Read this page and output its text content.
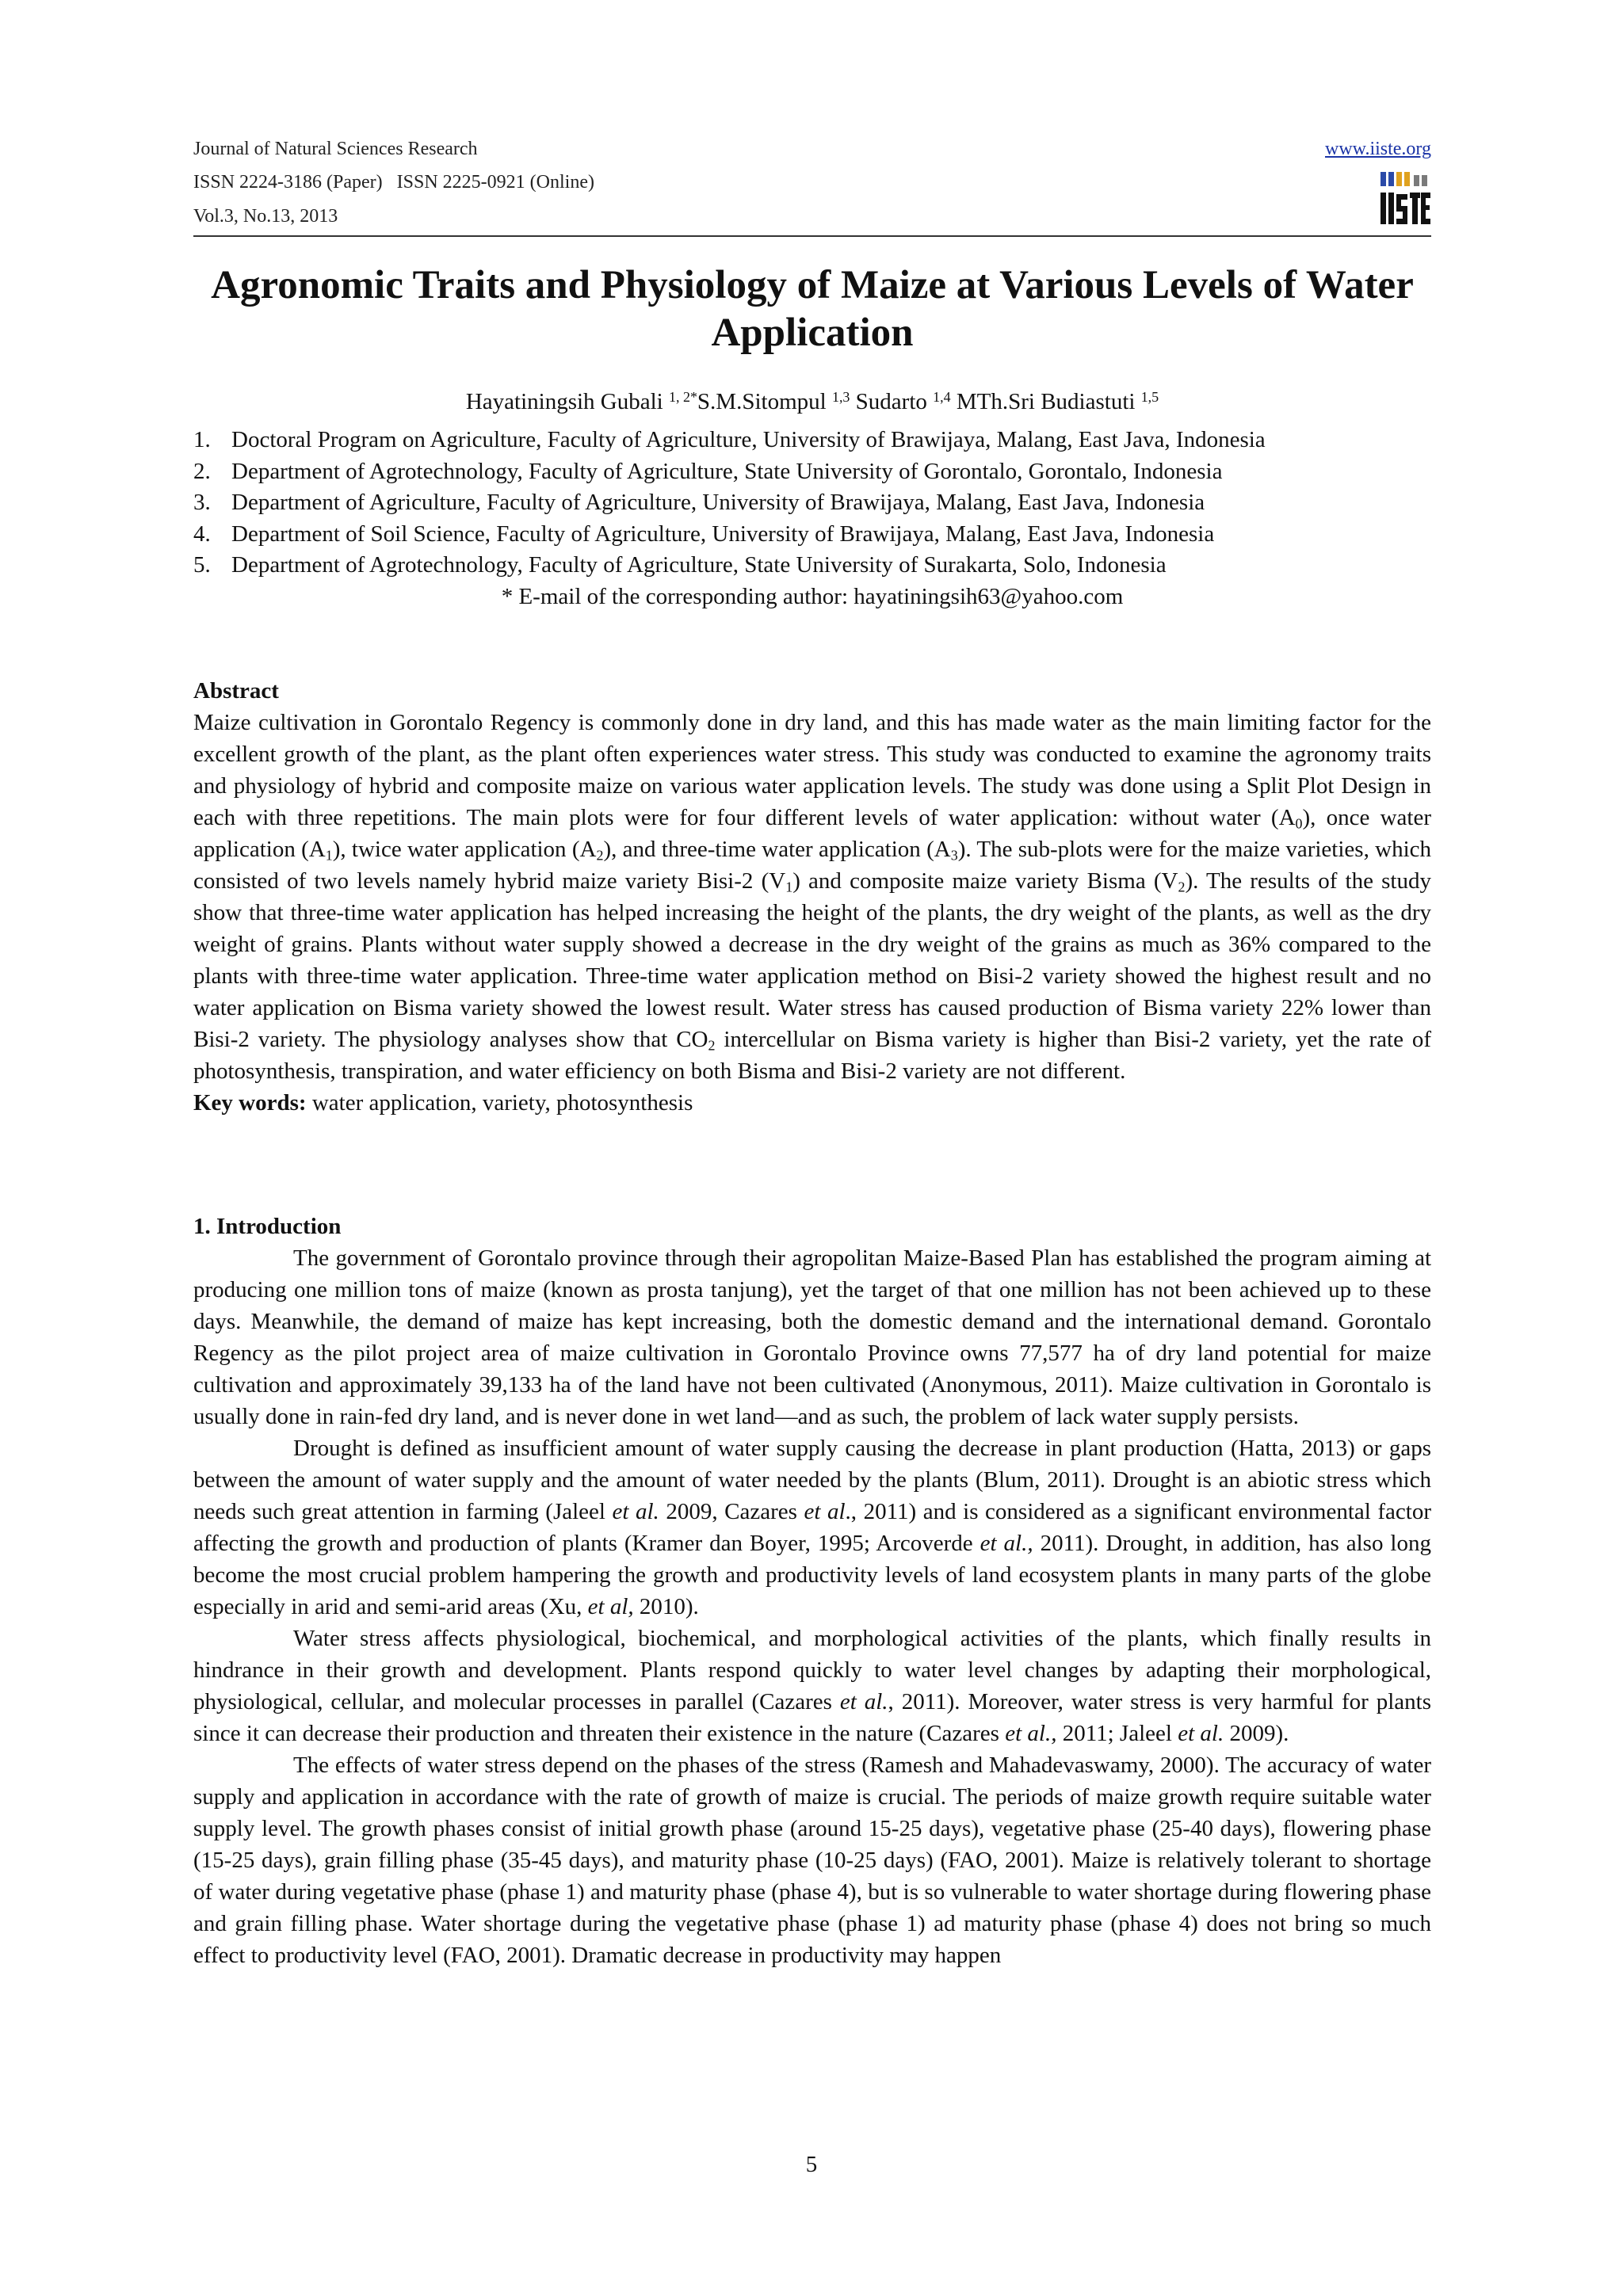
Journal of Natural Sciences Research
ISSN 2224-3186 (Paper)   ISSN 2225-0921 (Online)
Vol.3, No.13, 2013
www.iiste.org
Agronomic Traits and Physiology of Maize at Various Levels of Water Application
Hayatiningsih Gubali $^{1, 2*}$S.M.Sitompul $^{1,3}$ Sudarto $^{1,4}$ MTh.Sri Budiastuti $^{1,5}$
1. Doctoral Program on Agriculture, Faculty of Agriculture, University of Brawijaya, Malang, East Java, Indonesia
2. Department of Agrotechnology, Faculty of Agriculture, State University of Gorontalo, Gorontalo, Indonesia
3. Department of Agriculture, Faculty of Agriculture, University of Brawijaya, Malang, East Java, Indonesia
4. Department of Soil Science, Faculty of Agriculture, University of Brawijaya, Malang, East Java, Indonesia
5. Department of Agrotechnology, Faculty of Agriculture, State University of Surakarta, Solo, Indonesia
* E-mail of the corresponding author: hayatiningsih63@yahoo.com
Abstract
Maize cultivation in Gorontalo Regency is commonly done in dry land, and this has made water as the main limiting factor for the excellent growth of the plant, as the plant often experiences water stress. This study was conducted to examine the agronomy traits and physiology of hybrid and composite maize on various water application levels. The study was done using a Split Plot Design in each with three repetitions. The main plots were for four different levels of water application: without water $(A_0)$, once water application $(A_1)$, twice water application $(A_2)$, and three-time water application $(A_3)$. The sub-plots were for the maize varieties, which consisted of two levels namely hybrid maize variety Bisi-2 $(V_1)$ and composite maize variety Bisma $(V_2)$. The results of the study show that three-time water application has helped increasing the height of the plants, the dry weight of the plants, as well as the dry weight of grains. Plants without water supply showed a decrease in the dry weight of the grains as much as 36% compared to the plants with three-time water application. Three-time water application method on Bisi-2 variety showed the highest result and no water application on Bisma variety showed the lowest result. Water stress has caused production of Bisma variety 22% lower than Bisi-2 variety. The physiology analyses show that $CO_2$ intercellular on Bisma variety is higher than Bisi-2 variety, yet the rate of photosynthesis, transpiration, and water efficiency on both Bisma and Bisi-2 variety are not different.
Key words: water application, variety, photosynthesis
1. Introduction
The government of Gorontalo province through their agropolitan Maize-Based Plan has established the program aiming at producing one million tons of maize (known as prosta tanjung), yet the target of that one million has not been achieved up to these days. Meanwhile, the demand of maize has kept increasing, both the domestic demand and the international demand. Gorontalo Regency as the pilot project area of maize cultivation in Gorontalo Province owns 77,577 ha of dry land potential for maize cultivation and approximately 39,133 ha of the land have not been cultivated (Anonymous, 2011). Maize cultivation in Gorontalo is usually done in rain-fed dry land, and is never done in wet land—and as such, the problem of lack water supply persists.
Drought is defined as insufficient amount of water supply causing the decrease in plant production (Hatta, 2013) or gaps between the amount of water supply and the amount of water needed by the plants (Blum, 2011). Drought is an abiotic stress which needs such great attention in farming (Jaleel et al. 2009, Cazares et al., 2011) and is considered as a significant environmental factor affecting the growth and production of plants (Kramer dan Boyer, 1995; Arcoverde et al., 2011). Drought, in addition, has also long become the most crucial problem hampering the growth and productivity levels of land ecosystem plants in many parts of the globe especially in arid and semi-arid areas (Xu, et al, 2010).
Water stress affects physiological, biochemical, and morphological activities of the plants, which finally results in hindrance in their growth and development. Plants respond quickly to water level changes by adapting their morphological, physiological, cellular, and molecular processes in parallel (Cazares et al., 2011). Moreover, water stress is very harmful for plants since it can decrease their production and threaten their existence in the nature (Cazares et al., 2011; Jaleel et al. 2009).
The effects of water stress depend on the phases of the stress (Ramesh and Mahadevaswamy, 2000). The accuracy of water supply and application in accordance with the rate of growth of maize is crucial. The periods of maize growth require suitable water supply level. The growth phases consist of initial growth phase (around 15-25 days), vegetative phase (25-40 days), flowering phase (15-25 days), grain filling phase (35-45 days), and maturity phase (10-25 days) (FAO, 2001). Maize is relatively tolerant to shortage of water during vegetative phase (phase 1) and maturity phase (phase 4), but is so vulnerable to water shortage during flowering phase and grain filling phase. Water shortage during the vegetative phase (phase 1) ad maturity phase (phase 4) does not bring so much effect to productivity level (FAO, 2001). Dramatic decrease in productivity may happen
5
